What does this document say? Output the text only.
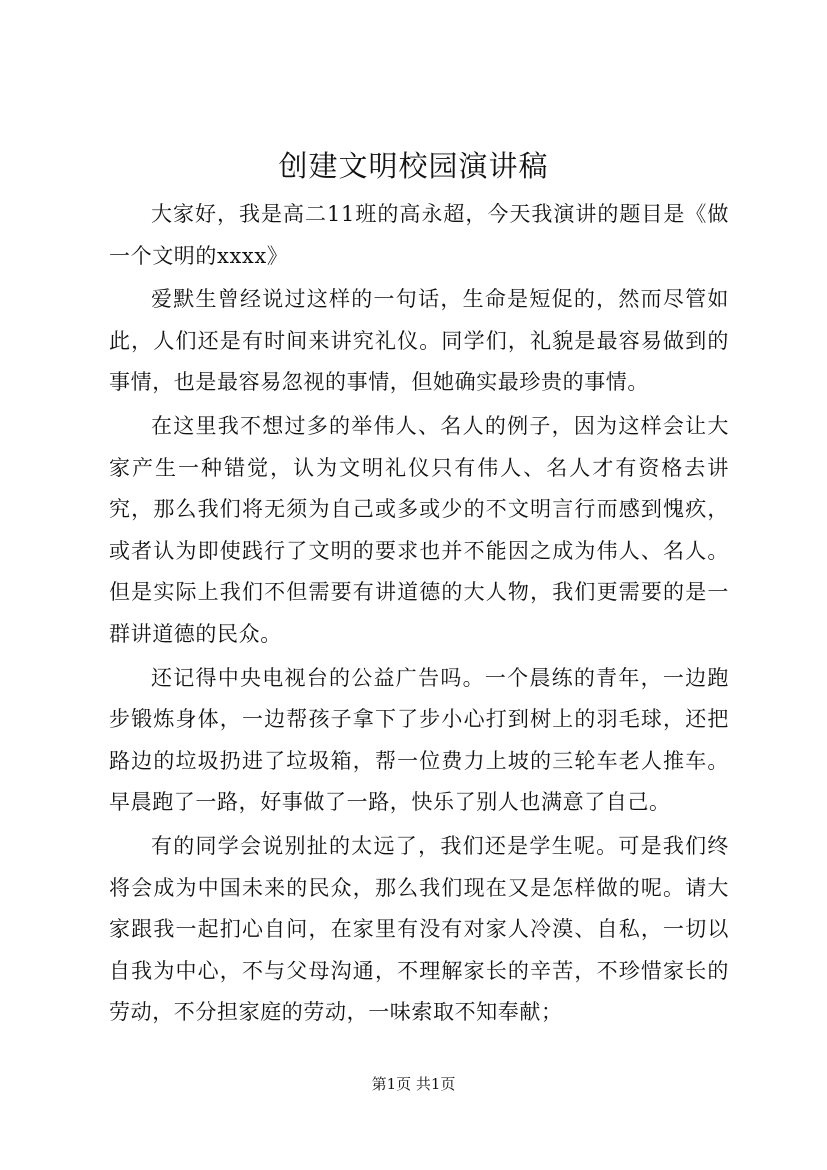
创建文明校园演讲稿

大家好，我是高二11班的高永超，今天我演讲的题目是《做一个文明的xxxx》

爱默生曾经说过这样的一句话，生命是短促的，然而尽管如此，人们还是有时间来讲究礼仪。同学们，礼貌是最容易做到的事情，也是最容易忽视的事情，但她确实最珍贵的事情。

在这里我不想过多的举伟人、名人的例子，因为这样会让大家产生一种错觉，认为文明礼仪只有伟人、名人才有资格去讲究，那么我们将无须为自己或多或少的不文明言行而感到愧疚，或者认为即使践行了文明的要求也并不能因之成为伟人、名人。但是实际上我们不但需要有讲道德的大人物，我们更需要的是一群讲道德的民众。

还记得中央电视台的公益广告吗。一个晨练的青年，一边跑步锻炼身体，一边帮孩子拿下了步小心打到树上的羽毛球，还把路边的垃圾扔进了垃圾箱，帮一位费力上坡的三轮车老人推车。早晨跑了一路，好事做了一路，快乐了别人也满意了自己。

有的同学会说别扯的太远了，我们还是学生呢。可是我们终将会成为中国未来的民众，那么我们现在又是怎样做的呢。请大家跟我一起扪心自问，在家里有没有对家人冷漠、自私，一切以自我为中心，不与父母沟通，不理解家长的辛苦，不珍惜家长的劳动，不分担家庭的劳动，一味索取不知奉献；

第1页 共1页
